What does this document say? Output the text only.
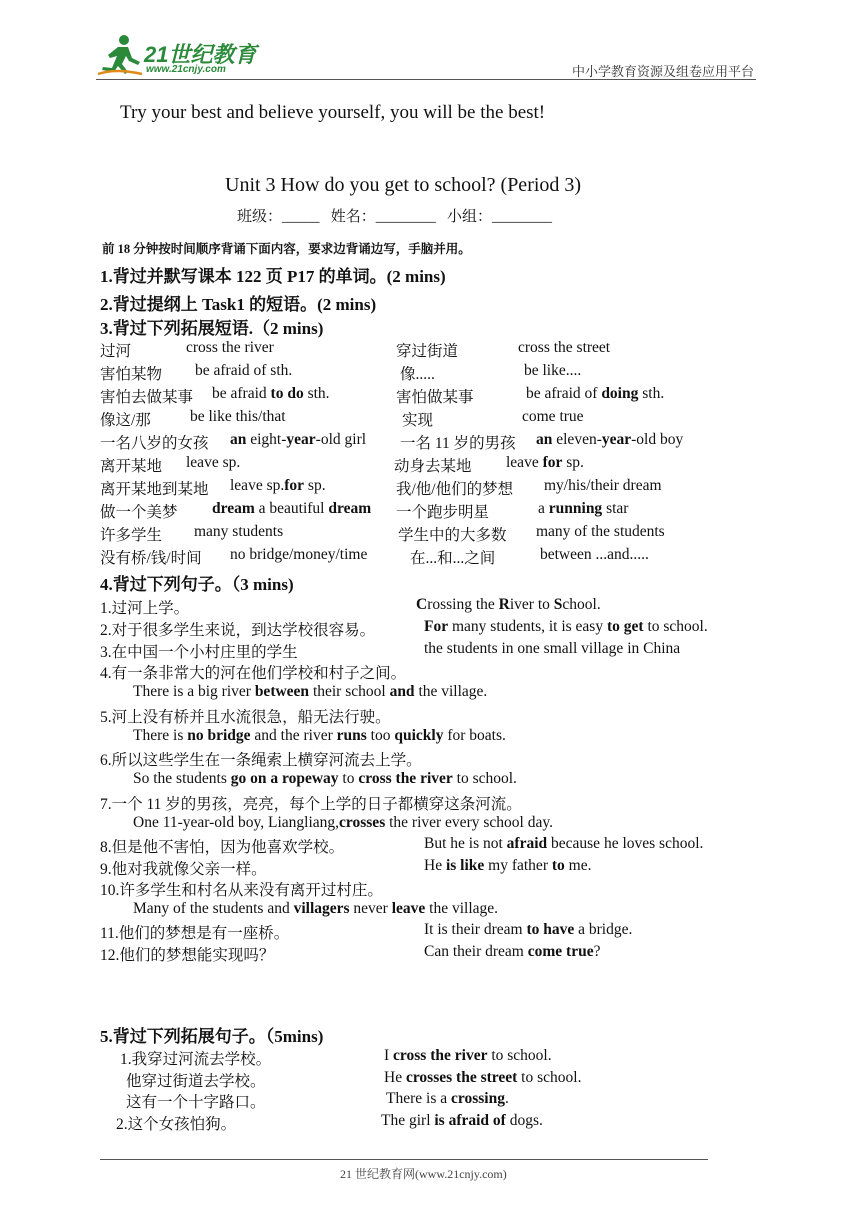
21世纪教育
www.21cnjy.com	中小学教育资源及组卷应用平台
Try your best and believe yourself, you will be the best!
Unit 3 How do you get to school? (Period 3)
班级：_____ 姓名：________ 小组：________
前 18 分钟按时间顺序背诵下面内容，要求边背诵边写，手脑并用。
1.背过并默写课本 122 页 P17 的单词。(2 mins)
2.背过提纲上 Task1 的短语。(2 mins)
3.背过下列拓展短语.（2 mins)
过河	cross the river	穿过街道	cross the street
害怕某物 be afraid of sth.	像.....	be like....
害怕去做某事 be afraid to do sth.	害怕做某事	be afraid of doing sth.
像这/那	be like this/that	实现	come true
一名八岁的女孩 an eight-year-old girl 一名 11 岁的男孩 an eleven-year-old boy
离开某地 leave sp.	动身去某地 leave for sp.
离开某地到某地 leave sp.for sp.	我/他/他们的梦想 my/his/their dream
做一个美梦 dream a beautiful dream 一个跑步明星	a running star
许多学生 many students	学生中的大多数 many of the students
没有桥/钱/时间 no bridge/money/time	在...和...之间	between ...and.....
4.背过下列句子。（3 mins)
1.过河上学。	Crossing the River to School.
2.对于很多学生来说，到达学校很容易。	For many students, it is easy to get to school.
3.在中国一个小村庄里的学生	the students in one small village in China
4.有一条非常大的河在他们学校和村子之间。
There is a big river between their school and the village.
5.河上没有桥并且水流很急，船无法行驶。
There is no bridge and the river runs too quickly for boats.
6.所以这些学生在一条绳索上横穿河流去上学。
So the students go on a ropeway to cross the river to school.
7.一个 11 岁的男孩，亮亮，每个上学的日子都横穿这条河流。
One 11-year-old boy, Liangliang,crosses the river every school day.
8.但是他不害怕，因为他喜欢学校。	But he is not afraid because he loves school.
9.他对我就像父亲一样。	He is like my father to me.
10.许多学生和村名从来没有离开过村庄。
Many of the students and villagers never leave the village.
11.他们的梦想是有一座桥。	It is their dream to have a bridge.
12.他们的梦想能实现吗？	Can their dream come true?
5.背过下列拓展句子。（5mins)
1.我穿过河流去学校。	I cross the river to school.
他穿过街道去学校。	He crosses the street to school.
这有一个十字路口。	There is a crossing.
2.这个女孩怕狗。	The girl is afraid of dogs.
21 世纪教育网(www.21cnjy.com)
